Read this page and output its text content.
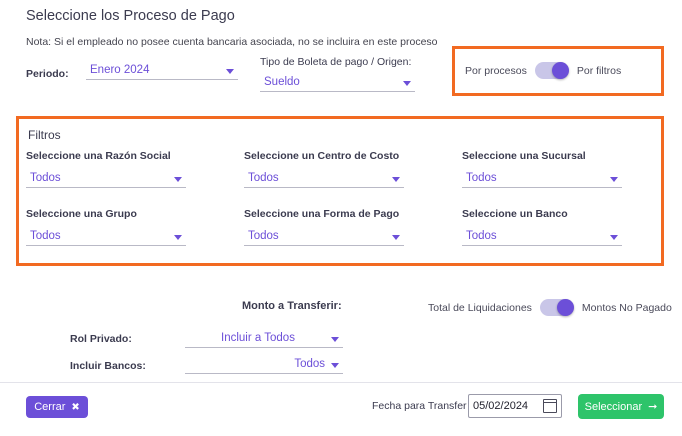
Seleccione los Proceso de Pago
Nota: Si el empleado no posee cuenta bancaria asociada, no se incluira en este proceso
Periodo:	Enero 2024
Tipo de Boleta de pago / Origen:
Sueldo
Por procesos	Por filtros
Filtros
Seleccione una Razón Social
Todos
Seleccione un Centro de Costo
Todos
Seleccione una Sucursal
Todos
Seleccione una Grupo
Todos
Seleccione una Forma de Pago
Todos
Seleccione un Banco
Todos
Monto a Transferir:	Total de Liquidaciones	Montos No Pagado
Rol Privado:	Incluir a Todos
Incluir Bancos:	Todos
Cerrar ✖	Fecha para Transfer 05/02/2024	Seleccionar ➞
